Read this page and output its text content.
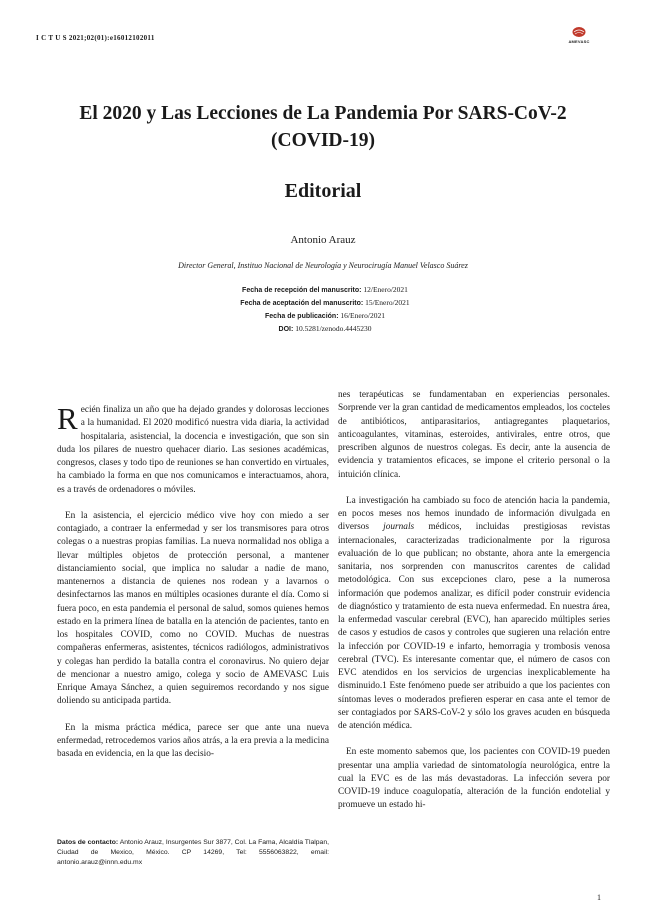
I C T U S 2021;02(01):e16012102011	AMEVASC
El 2020 y Las Lecciones de La Pandemia Por SARS-CoV-2 (COVID-19)
Editorial
Antonio Arauz
Director General, Instituo Nacional de Neurología y Neurocirugía Manuel Velasco Suárez
Fecha de recepción del manuscrito: 12/Enero/2021
Fecha de aceptación del manuscrito: 15/Enero/2021
Fecha de publicación: 16/Enero/2021
DOI: 10.5281/zenodo.4445230

Recién finaliza un año que ha dejado grandes y dolorosas lecciones a la humanidad. El 2020 modificó nuestra vida diaria, la actividad hospitalaria, asistencial, la docencia e investigación, que son sin duda los pilares de nuestro quehacer diario. Las sesiones académicas, congresos, clases y todo tipo de reuniones se han convertido en virtuales, ha cambiado la forma en que nos comunicamos e interactuamos, ahora, es a través de ordenadores o móviles.

En la asistencia, el ejercicio médico vive hoy con miedo a ser contagiado, a contraer la enfermedad y ser los transmisores para otros colegas o a nuestras propias familias. La nueva normalidad nos obliga a llevar múltiples objetos de protección personal, a mantener distanciamiento social, que implica no saludar a nadie de mano, mantenernos a distancia de quienes nos rodean y a lavarnos o desinfectarnos las manos en múltiples ocasiones durante el día. Como si fuera poco, en esta pandemia el personal de salud, somos quienes hemos estado en la primera línea de batalla en la atención de pacientes, tanto en los hospitales COVID, como no COVID. Muchas de nuestras compañeras enfermeras, asistentes, técnicos radiólogos, administrativos y colegas han perdido la batalla contra el coronavirus. No quiero dejar de mencionar a nuestro amigo, colega y socio de AMEVASC Luis Enrique Amaya Sánchez, a quien seguiremos recordando y nos sigue doliendo su anticipada partida.

En la misma práctica médica, parece ser que ante una nueva enfermedad, retrocedemos varios años atrás, a la era previa a la medicina basada en evidencia, en la que las decisio-

nes terapéuticas se fundamentaban en experiencias personales. Sorprende ver la gran cantidad de medicamentos empleados, los cocteles de antibióticos, antiparasitarios, antiagregantes plaquetarios, anticoagulantes, vitaminas, esteroides, antivirales, entre otros, que prescriben algunos de nuestros colegas. Es decir, ante la ausencia de evidencia y tratamientos eficaces, se impone el criterio personal o la intuición clínica.

La investigación ha cambiado su foco de atención hacia la pandemia, en pocos meses nos hemos inundado de información divulgada en diversos journals médicos, incluidas prestigiosas revistas internacionales, caracterizadas tradicionalmente por la rigurosa evaluación de lo que publican; no obstante, ahora ante la emergencia sanitaria, nos sorprenden con manuscritos carentes de calidad metodológica. Con sus excepciones claro, pese a la numerosa información que podemos analizar, es difícil poder construir evidencia de diagnóstico y tratamiento de esta nueva enfermedad. En nuestra área, la enfermedad vascular cerebral (EVC), han aparecido múltiples series de casos y estudios de casos y controles que sugieren una relación entre la infección por COVID-19 e infarto, hemorragia y trombosis venosa cerebral (TVC). Es interesante comentar que, el número de casos con EVC atendidos en los servicios de urgencias inexplicablemente ha disminuido.1 Este fenómeno puede ser atribuido a que los pacientes con síntomas leves o moderados prefieren esperar en casa ante el temor de ser contagiados por SARS-CoV-2 y sólo los graves acuden en búsqueda de atención médica.

En este momento sabemos que, los pacientes con COVID-19 pueden presentar una amplia variedad de sintomatología neurológica, entre la cual la EVC es de las más devastadoras. La infección severa por COVID-19 induce coagulopatía, alteración de la función endotelial y promueve un estado hi-

Datos de contacto: Antonio Arauz, Insurgentes Sur 3877, Col. La Fama, Alcaldía Tlalpan, Ciudad de Mexico, México. CP 14269, Tel: 5556063822, email: antonio.arauz@innn.edu.mx
1
